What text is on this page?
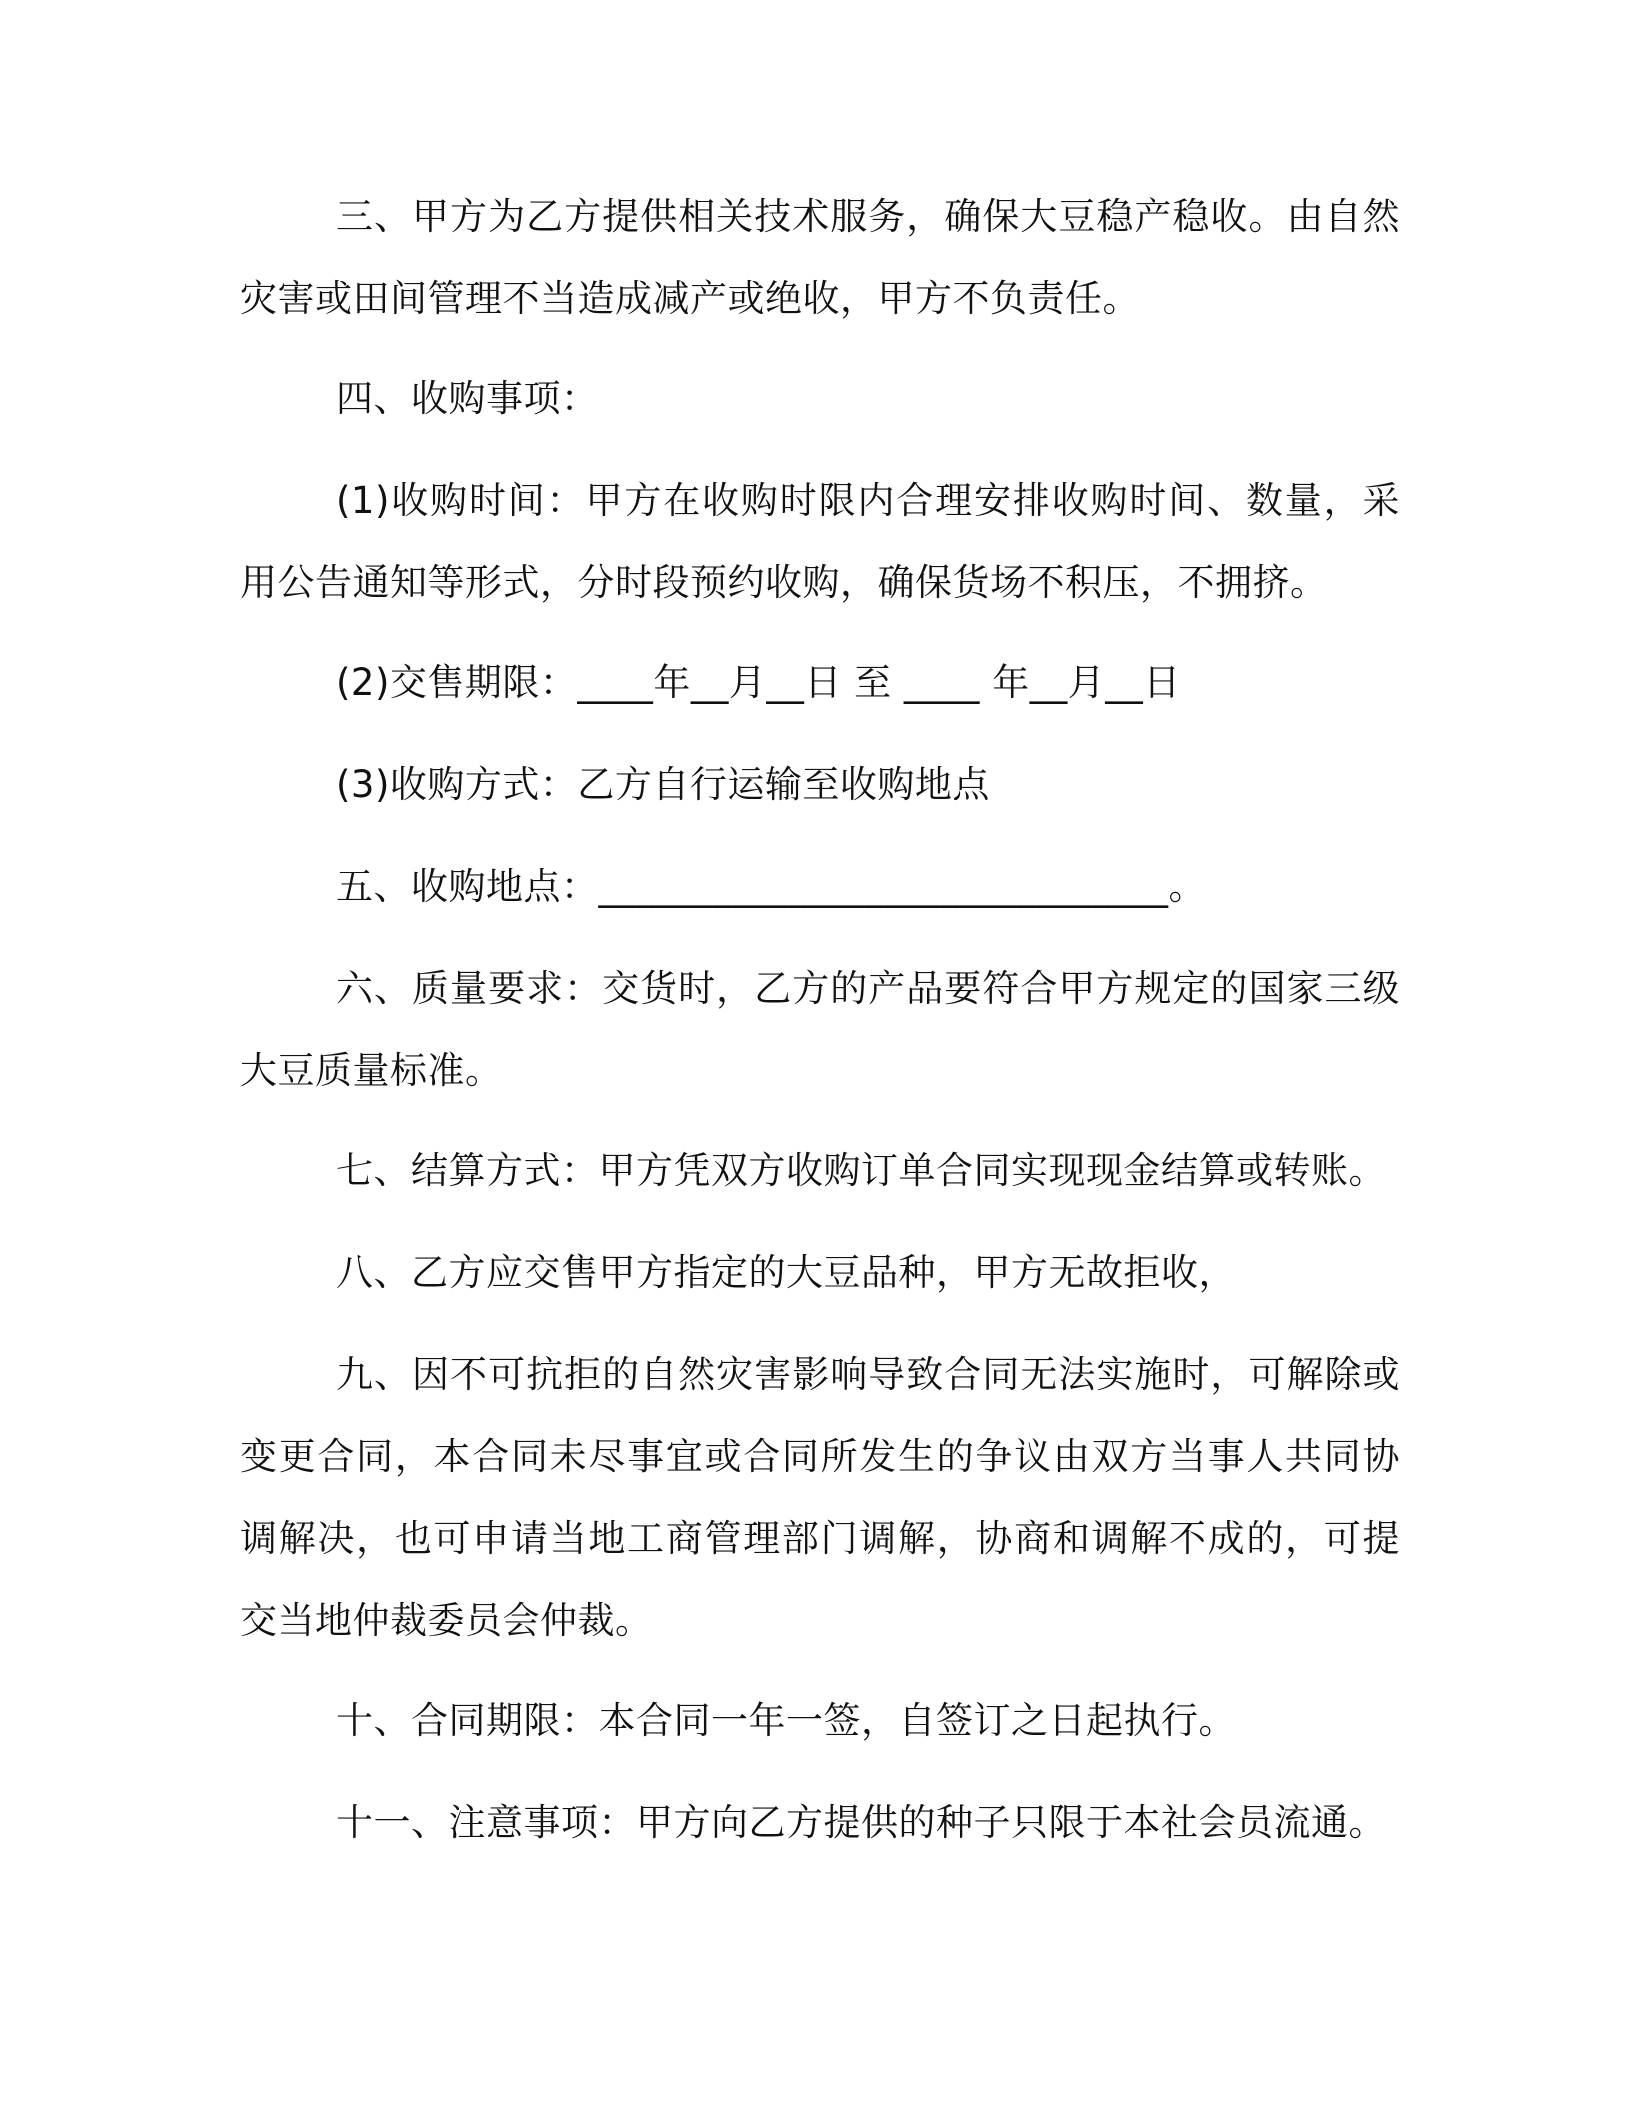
三、甲方为乙方提供相关技术服务，确保大豆稳产稳收。由自然灾害或田间管理不当造成减产或绝收，甲方不负责任。

四、收购事项：

(1)收购时间：甲方在收购时限内合理安排收购时间、数量，采用公告通知等形式，分时段预约收购，确保货场不积压，不拥挤。

(2)交售期限：____年__月__日 至 ____ 年__月__日

(3)收购方式：乙方自行运输至收购地点

五、收购地点：______________________________。

六、质量要求：交货时，乙方的产品要符合甲方规定的国家三级大豆质量标准。

七、结算方式：甲方凭双方收购订单合同实现现金结算或转账。

八、乙方应交售甲方指定的大豆品种，甲方无故拒收，

九、因不可抗拒的自然灾害影响导致合同无法实施时，可解除或变更合同，本合同未尽事宜或合同所发生的争议由双方当事人共同协调解决，也可申请当地工商管理部门调解，协商和调解不成的，可提交当地仲裁委员会仲裁。

十、合同期限：本合同一年一签，自签订之日起执行。

十一、注意事项：甲方向乙方提供的种子只限于本社会员流通。
